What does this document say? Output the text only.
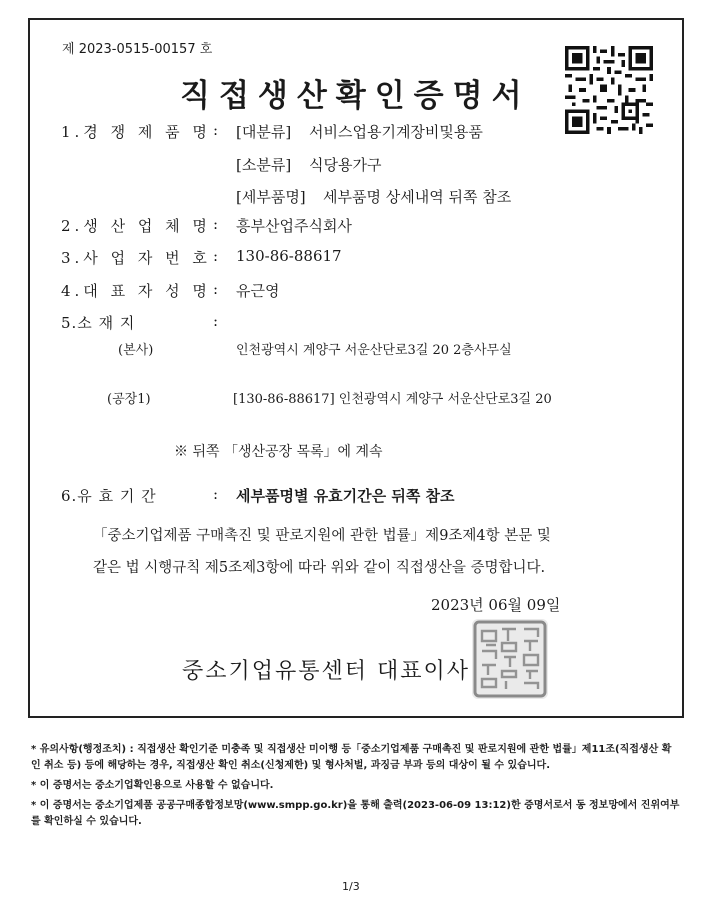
제 2023-0515-00157 호
직접생산확인증명서
1.경 쟁 제 품 명 : [대분류] 서비스업용기계장비및용품
[소분류] 식당용가구
[세부품명] 세부품명 상세내역 뒤쪽 참조
2.생 산 업 체 명 : 흥부산업주식회사
3.사 업 자 번 호 : 130-86-88617
4.대 표 자 성 명 : 유근영
5.소 재 지	:
(본사)	인천광역시 계양구 서운산단로3길 20 2층사무실
(공장1)	[130-86-88617] 인천광역시 계양구 서운산단로3길 20
※ 뒤쪽 「생산공장 목록」에 계속
6.유 효 기 간	: 세부품명별 유효기간은 뒤쪽 참조
「중소기업제품 구매촉진 및 판로지원에 관한 법률」제9조제4항 본문 및
같은 법 시행규칙 제5조제3항에 따라 위와 같이 직접생산을 증명합니다.
2023년 06월 09일
중소기업유통센터 대표이사

* 유의사항(행정조치) : 직접생산 확인기준 미충족 및 직접생산 미이행 등「중소기업제품 구매촉진 및 판로지원에 관한 법률」제11조(직접생산 확인 취소 등) 등에 해당하는 경우, 직접생산 확인 취소(신청제한) 및 형사처벌, 과징금 부과 등의 대상이 될 수 있습니다.

* 이 증명서는 중소기업확인용으로 사용할 수 없습니다.

* 이 증명서는 중소기업제품 공공구매종합정보망(www.smpp.go.kr)을 통해 출력(2023-06-09 13:12)한 증명서로서 동 정보망에서 진위여부를 확인하실 수 있습니다.

1/3
